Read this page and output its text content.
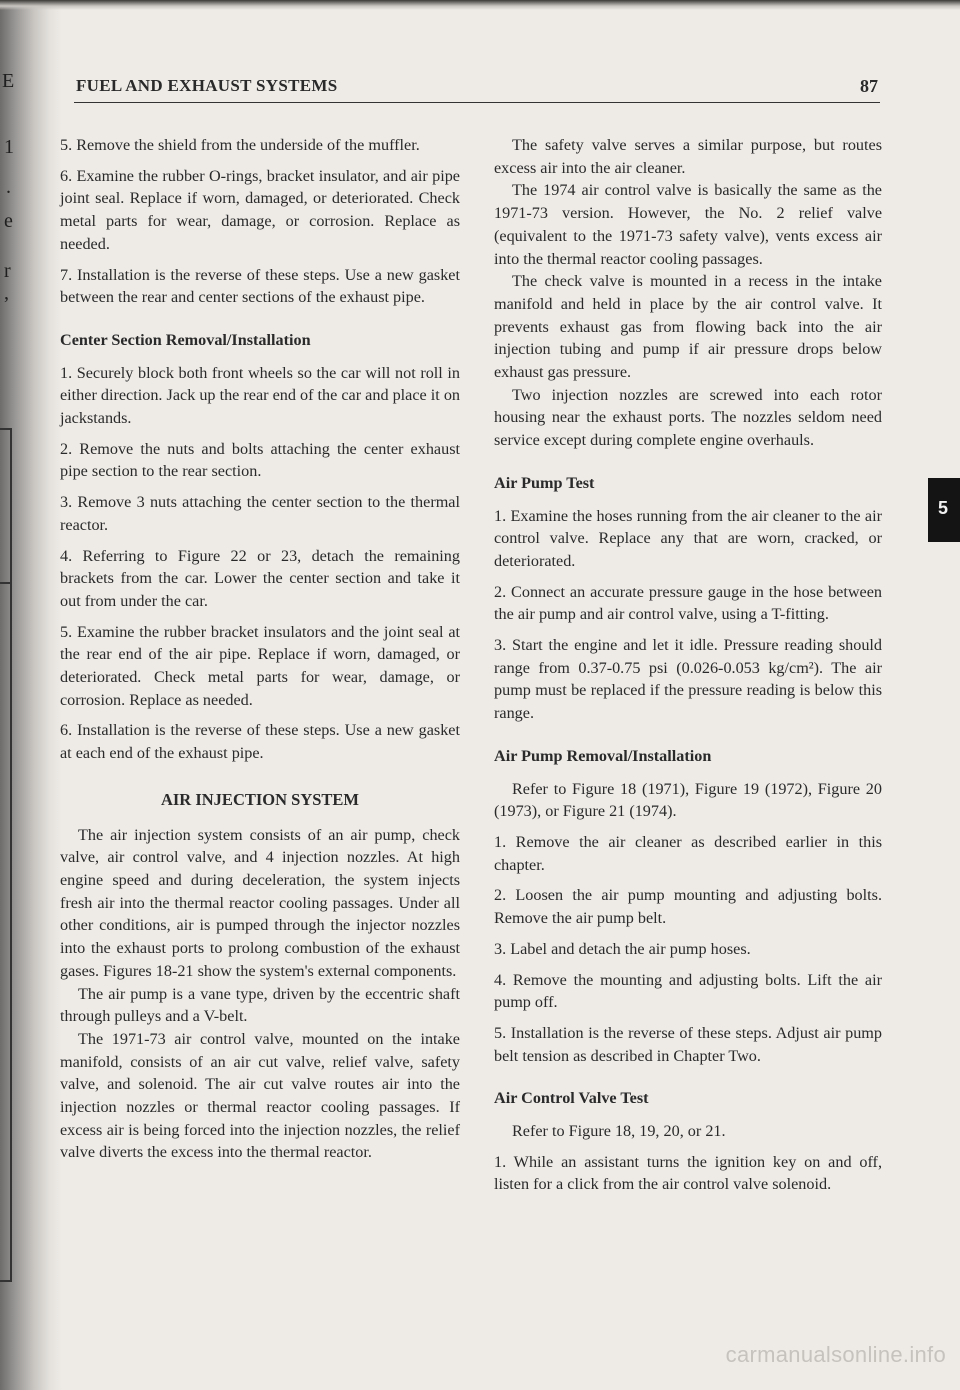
E
1
.
e
r
,
FUEL AND EXHAUST SYSTEMS	87

5. Remove the shield from the underside of the muffler.

6. Examine the rubber O-rings, bracket insulator, and air pipe joint seal. Replace if worn, damaged, or deteriorated. Check metal parts for wear, damage, or corrosion. Replace as needed.

7. Installation is the reverse of these steps. Use a new gasket between the rear and center sections of the exhaust pipe.

Center Section Removal/Installation

1. Securely block both front wheels so the car will not roll in either direction. Jack up the rear end of the car and place it on jackstands.

2. Remove the nuts and bolts attaching the center exhaust pipe section to the rear section.

3. Remove 3 nuts attaching the center section to the thermal reactor.

4. Referring to Figure 22 or 23, detach the remaining brackets from the car. Lower the center section and take it out from under the car.

5. Examine the rubber bracket insulators and the joint seal at the rear end of the air pipe. Replace if worn, damaged, or deteriorated. Check metal parts for wear, damage, or corrosion. Replace as needed.

6. Installation is the reverse of these steps. Use a new gasket at each end of the exhaust pipe.

AIR INJECTION SYSTEM

The air injection system consists of an air pump, check valve, air control valve, and 4 injection nozzles. At high engine speed and during deceleration, the system injects fresh air into the thermal reactor cooling passages. Under all other conditions, air is pumped through the injector nozzles into the exhaust ports to prolong combustion of the exhaust gases. Figures 18-21 show the system's external components.

The air pump is a vane type, driven by the eccentric shaft through pulleys and a V-belt.

The 1971-73 air control valve, mounted on the intake manifold, consists of an air cut valve, relief valve, safety valve, and solenoid. The air cut valve routes air into the injection nozzles or thermal reactor cooling passages. If excess air is being forced into the injection nozzles, the relief valve diverts the excess into the thermal reactor.

The safety valve serves a similar purpose, but routes excess air into the air cleaner.

The 1974 air control valve is basically the same as the 1971-73 version. However, the No. 2 relief valve (equivalent to the 1971-73 safety valve), vents excess air into the thermal reactor cooling passages.

The check valve is mounted in a recess in the intake manifold and held in place by the air control valve. It prevents exhaust gas from flowing back into the air injection tubing and pump if air pressure drops below exhaust gas pressure.

Two injection nozzles are screwed into each rotor housing near the exhaust ports. The nozzles seldom need service except during complete engine overhauls.

Air Pump Test

1. Examine the hoses running from the air cleaner to the air control valve. Replace any that are worn, cracked, or deteriorated.

2. Connect an accurate pressure gauge in the hose between the air pump and air control valve, using a T-fitting.

3. Start the engine and let it idle. Pressure reading should range from 0.37-0.75 psi (0.026-0.053 kg/cm²). The air pump must be replaced if the pressure reading is below this range.

Air Pump Removal/Installation

Refer to Figure 18 (1971), Figure 19 (1972), Figure 20 (1973), or Figure 21 (1974).

1. Remove the air cleaner as described earlier in this chapter.

2. Loosen the air pump mounting and adjusting bolts. Remove the air pump belt.

3. Label and detach the air pump hoses.

4. Remove the mounting and adjusting bolts. Lift the air pump off.

5. Installation is the reverse of these steps. Adjust air pump belt tension as described in Chapter Two.

Air Control Valve Test

Refer to Figure 18, 19, 20, or 21.

1. While an assistant turns the ignition key on and off, listen for a click from the air control valve solenoid.

5
carmanualsonline.info
